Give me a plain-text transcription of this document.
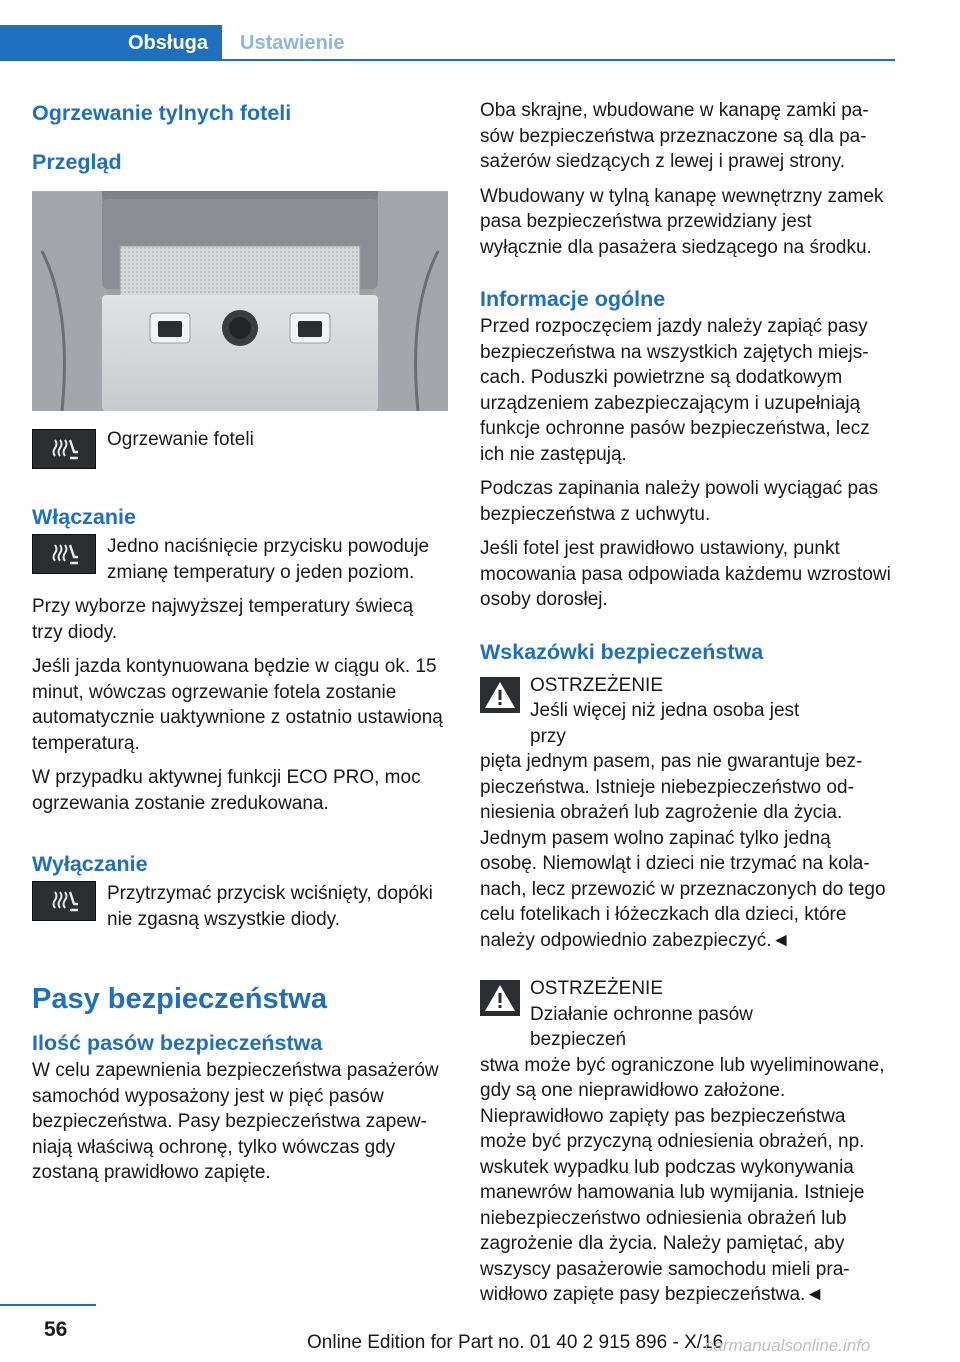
Obsługa	Ustawienie
Ogrzewanie tylnych foteli
Przegląd

Ogrzewanie foteli

Włączanie

Jedno naciśnięcie przycisku powoduje zmianę temperatury o jeden poziom.

Przy wyborze najwyższej temperatury świecą trzy diody.

Jeśli jazda kontynuowana będzie w ciągu ok. 15 minut, wówczas ogrzewanie fotela zostanie automatycznie uaktywnione z ostatnio ustawioną temperaturą.

W przypadku aktywnej funkcji ECO PRO, moc ogrzewania zostanie zredukowana.

Wyłączanie

Przytrzymać przycisk wciśnięty, dopóki nie zgasną wszystkie diody.

Pasy bezpieczeństwa
Ilość pasów bezpieczeństwa

W celu zapewnienia bezpieczeństwa pasażerów samochód wyposażony jest w pięć pasów bezpieczeństwa. Pasy bezpieczeństwa zapewniają właściwą ochronę, tylko wówczas gdy zostaną prawidłowo zapięte.

Oba skrajne, wbudowane w kanapę zamki pasów bezpieczeństwa przeznaczone są dla pasażerów siedzących z lewej i prawej strony.

Wbudowany w tylną kanapę wewnętrzny zamek pasa bezpieczeństwa przewidziany jest wyłącznie dla pasażera siedzącego na środku.

Informacje ogólne

Przed rozpoczęciem jazdy należy zapiąć pasy bezpieczeństwa na wszystkich zajętych miejscach. Poduszki powietrzne są dodatkowym urządzeniem zabezpieczającym i uzupełniają funkcje ochronne pasów bezpieczeństwa, lecz ich nie zastępują.

Podczas zapinania należy powoli wyciągać pas bezpieczeństwa z uchwytu.

Jeśli fotel jest prawidłowo ustawiony, punkt mocowania pasa odpowiada każdemu wzrostowi osoby dorosłej.

Wskazówki bezpieczeństwa

OSTRZEŻENIE

Jeśli więcej niż jedna osoba jest przy

pięta jednym pasem, pas nie gwarantuje bezpieczeństwa. Istnieje niebezpieczeństwo odniesienia obrażeń lub zagrożenie dla życia. Jednym pasem wolno zapinać tylko jedną osobę. Niemowląt i dzieci nie trzymać na kolanach, lecz przewozić w przeznaczonych do tego celu fotelikach i łóżeczkach dla dzieci, które należy odpowiednio zabezpieczyć.◄

OSTRZEŻENIE

Działanie ochronne pasów bezpieczeń

stwa może być ograniczone lub wyeliminowane, gdy są one nieprawidłowo założone. Nieprawidłowo zapięty pas bezpieczeństwa może być przyczyną odniesienia obrażeń, np. wskutek wypadku lub podczas wykonywania manewrów hamowania lub wymijania. Istnieje niebezpieczeństwo odniesienia obrażeń lub zagrożenie dla życia. Należy pamiętać, aby wszyscy pasażerowie samochodu mieli prawidłowo zapięte pasy bezpieczeństwa.◄

56
Online Edition for Part no. 01 40 2 915 896 - X/16
carmanualsonline.info
